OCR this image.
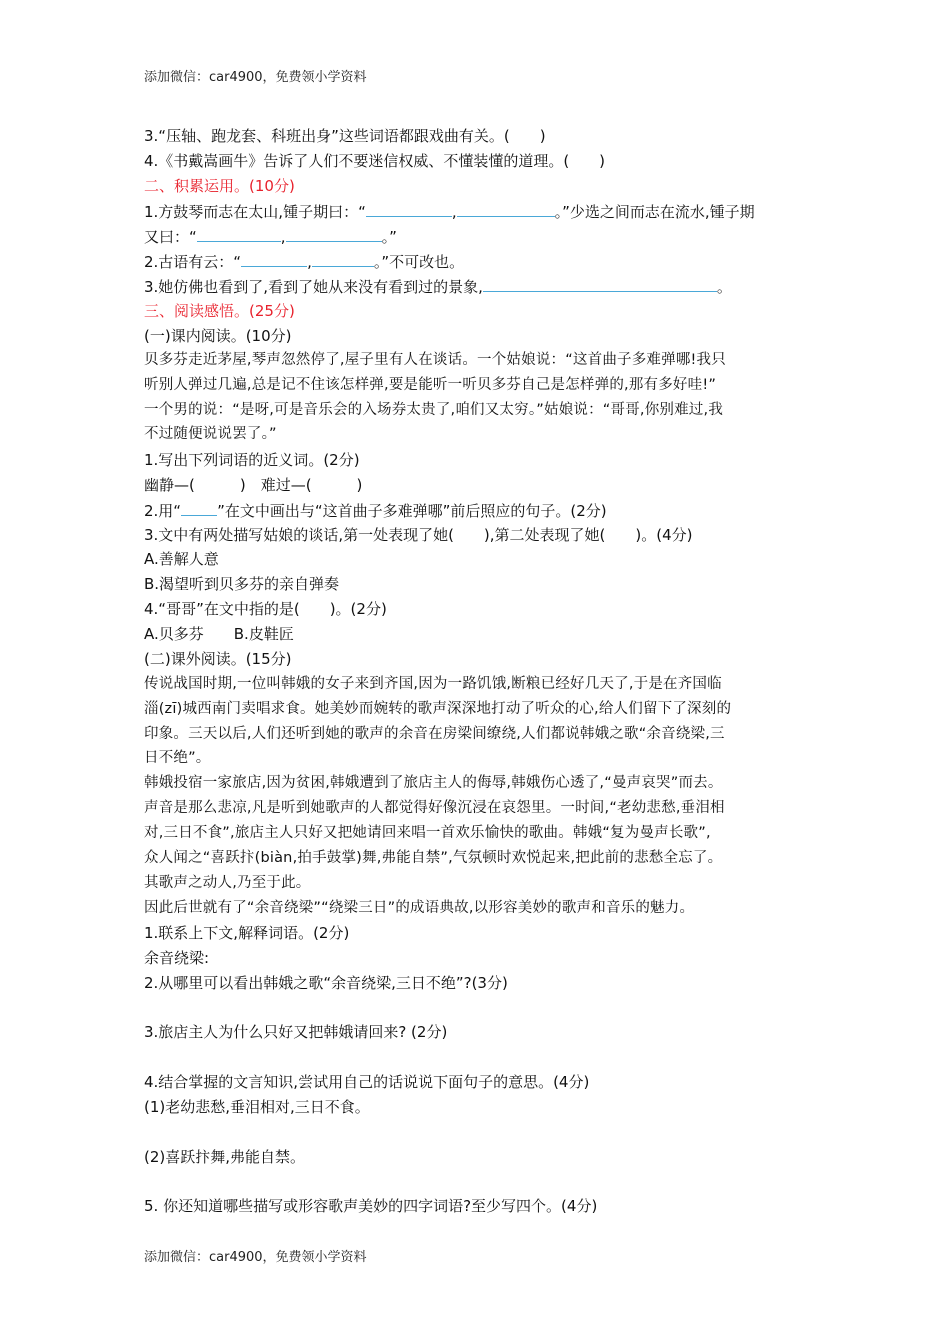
添加微信：car4900，免费领小学资料
3.“压轴、跑龙套、科班出身”这些词语都跟戏曲有关。(　　)
4.《书戴嵩画牛》告诉了人们不要迷信权威、不懂装懂的道理。(　　)
二、积累运用。(10分)
1.方鼓琴而志在太山,锺子期曰：“	,	。”少选之间而志在流水,锺子期
又曰：“	,	。”
2.古语有云：“	,	。”不可改也。
3.她仿佛也看到了,看到了她从来没有看到过的景象,	。
三、阅读感悟。(25分)
(一)课内阅读。(10分)
贝多芬走近茅屋,琴声忽然停了,屋子里有人在谈话。一个姑娘说：“这首曲子多难弹哪!我只
听别人弹过几遍,总是记不住该怎样弹,要是能听一听贝多芬自己是怎样弹的,那有多好哇!”
一个男的说：“是呀,可是音乐会的入场券太贵了,咱们又太穷。”姑娘说：“哥哥,你别难过,我
不过随便说说罢了。”
1.写出下列词语的近义词。(2分)
幽静—(　　　)　难过—(　　　)
2.用“ ”在文中画出与“这首曲子多难弹哪”前后照应的句子。(2分)
3.文中有两处描写姑娘的谈话,第一处表现了她(　　),第二处表现了她(　　)。(4分)
A.善解人意
B.渴望听到贝多芬的亲自弹奏
4.“哥哥”在文中指的是(　　)。(2分)
A.贝多芬　　B.皮鞋匠
(二)课外阅读。(15分)
传说战国时期,一位叫韩娥的女子来到齐国,因为一路饥饿,断粮已经好几天了,于是在齐国临
淄(zī)城西南门卖唱求食。她美妙而婉转的歌声深深地打动了听众的心,给人们留下了深刻的
印象。三天以后,人们还听到她的歌声的余音在房梁间缭绕,人们都说韩娥之歌“余音绕梁,三
日不绝”。
韩娥投宿一家旅店,因为贫困,韩娥遭到了旅店主人的侮辱,韩娥伤心透了,“曼声哀哭”而去。
声音是那么悲凉,凡是听到她歌声的人都觉得好像沉浸在哀怨里。一时间,“老幼悲愁,垂泪相
对,三日不食”,旅店主人只好又把她请回来唱一首欢乐愉快的歌曲。韩娥“复为曼声长歌”,
众人闻之“喜跃抃(biàn,拍手鼓掌)舞,弗能自禁”,气氛顿时欢悦起来,把此前的悲愁全忘了。
其歌声之动人,乃至于此。
因此后世就有了“余音绕梁”“绕梁三日”的成语典故,以形容美妙的歌声和音乐的魅力。
1.联系上下文,解释词语。(2分)
余音绕梁:
2.从哪里可以看出韩娥之歌“余音绕梁,三日不绝”?(3分)
3.旅店主人为什么只好又把韩娥请回来? (2分)
4.结合掌握的文言知识,尝试用自己的话说说下面句子的意思。(4分)
(1)老幼悲愁,垂泪相对,三日不食。
(2)喜跃抃舞,弗能自禁。
5. 你还知道哪些描写或形容歌声美妙的四字词语?至少写四个。(4分)
添加微信：car4900，免费领小学资料
